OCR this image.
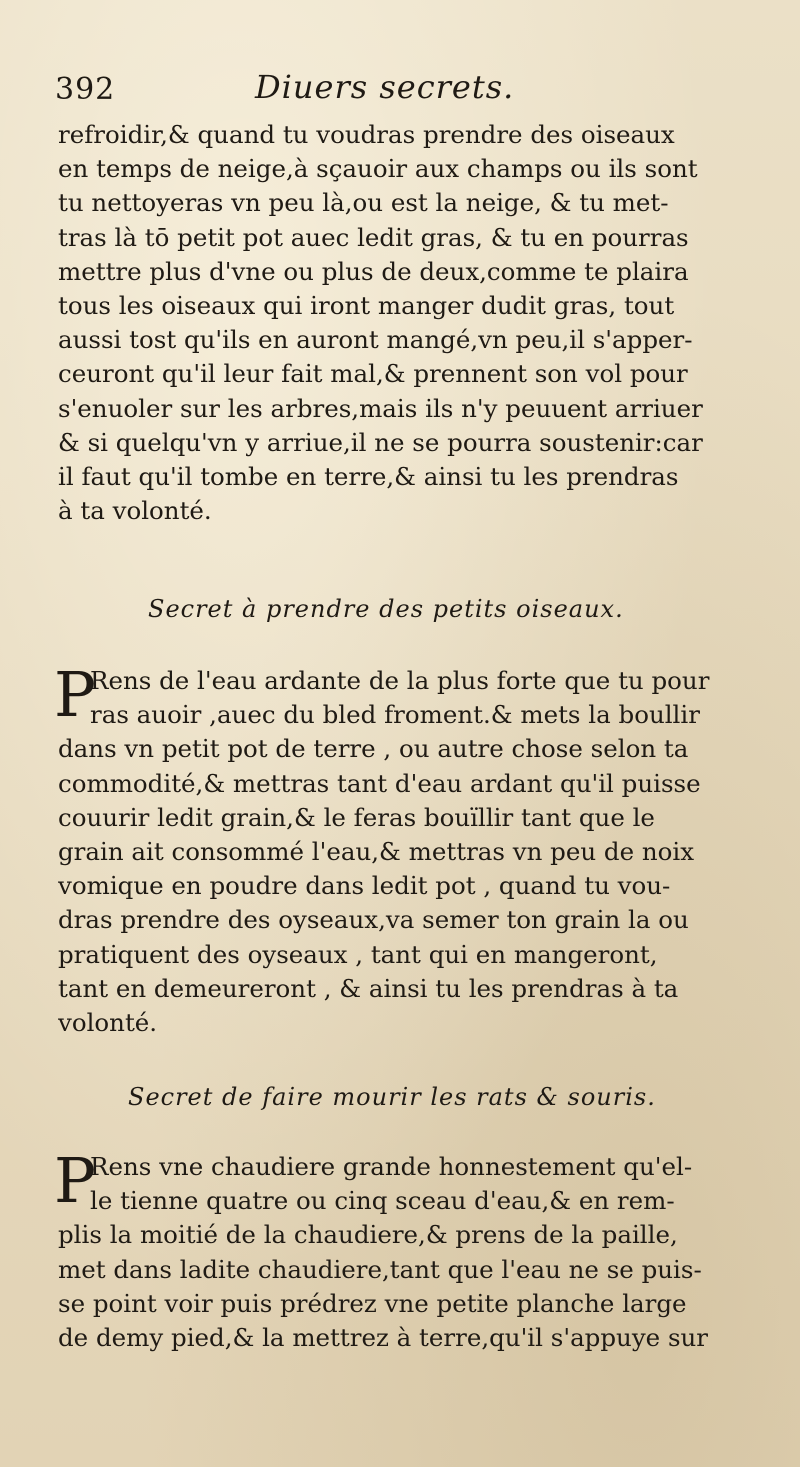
392	Diuers secrets.
refroidir,& quand tu voudras prendre des oiseaux
en temps de neige,à sçauoir aux champs ou ils sont
tu nettoyeras vn peu là,ou est la neige, & tu met-
tras là tō petit pot auec ledit gras, & tu en pourras
mettre plus d'vne ou plus de deux,comme te plaira
tous les oiseaux qui iront manger dudit gras, tout
aussi tost qu'ils en auront mangé,vn peu,il s'apper-
ceuront qu'il leur fait mal,& prennent son vol pour
s'enuoler sur les arbres,mais ils n'y peuuent arriuer
& si quelqu'vn y arriue,il ne se pourra soustenir:car
il faut qu'il tombe en terre,& ainsi tu les prendras
à ta volonté.
Secret à prendre des petits oiseaux.
P
Rens de l'eau ardante de la plus forte que tu pour
ras auoir ,auec du bled froment.& mets la boullir
dans vn petit pot de terre , ou autre chose selon ta
commodité,& mettras tant d'eau ardant qu'il puisse
couurir ledit grain,& le feras bouïllir tant que le
grain ait consommé l'eau,& mettras vn peu de noix
vomique en poudre dans ledit pot , quand tu vou-
dras prendre des oyseaux,va semer ton grain la ou
pratiquent des oyseaux , tant qui en mangeront,
tant en demeureront , & ainsi tu les prendras à ta
volonté.
Secret de faire mourir les rats & souris.
P
Rens vne chaudiere grande honnestement qu'el-
le tienne quatre ou cinq sceau d'eau,& en rem-
plis la moitié de la chaudiere,& prens de la paille,
met dans ladite chaudiere,tant que l'eau ne se puis-
se point voir puis prédrez vne petite planche large
de demy pied,& la mettrez à terre,qu'il s'appuye sur
